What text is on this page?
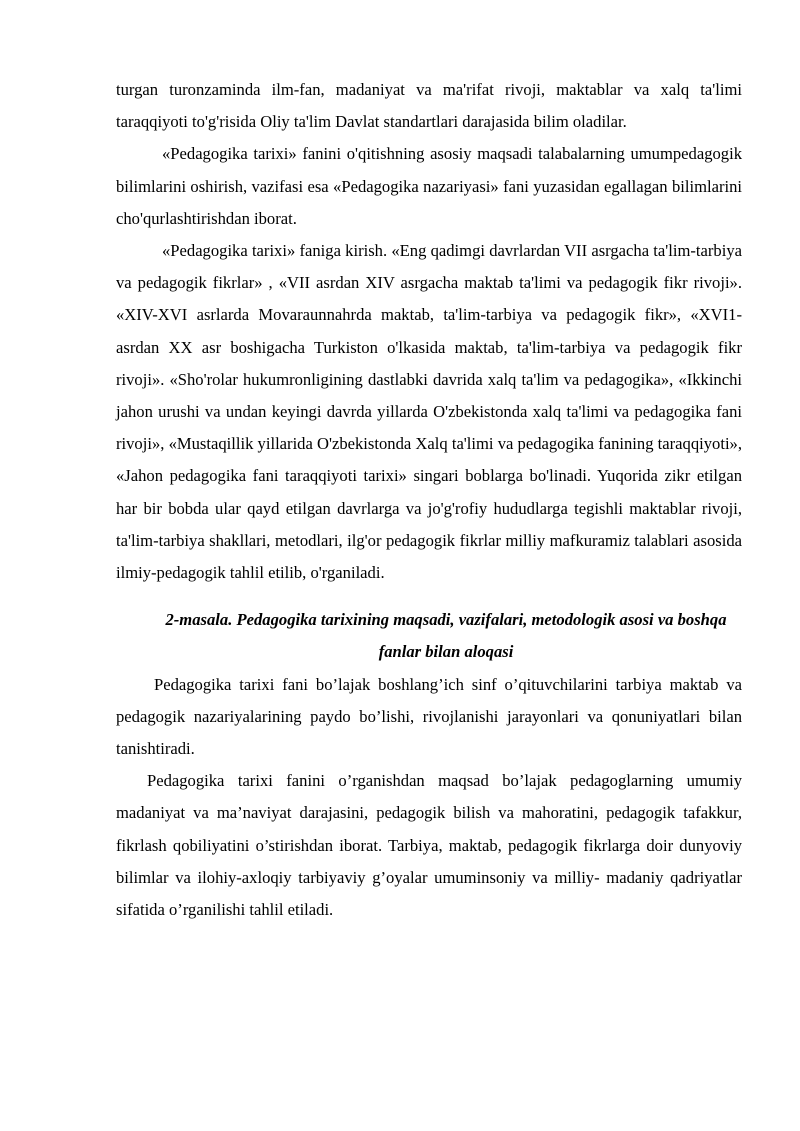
turgan turonzaminda ilm-fan, madaniyat va ma'rifat rivoji, maktablar va xalq ta'limi taraqqiyoti to'g'risida Oliy ta'lim Davlat standartlari darajasida bilim oladilar.

«Pedagogika tarixi» fanini o'qitishning asosiy maqsadi talabalarning umumpedagogik bilimlarini oshirish, vazifasi esa «Pedagogika nazariyasi» fani yuzasidan egallagan bilimlarini cho'qurlashtirishdan iborat.

«Pedagogika tarixi» faniga kirish. «Eng qadimgi davrlardan VII asrgacha ta'lim-tarbiya va pedagogik fikrlar» , «VII asrdan XIV asrgacha maktab ta'limi va pedagogik fikr rivoji». «XIV-XVI asrlarda Movaraunnahrda maktab, ta'lim-tarbiya va pedagogik fikr», «XVI1- asrdan XX asr boshigacha Turkiston o'lkasida maktab, ta'lim-tarbiya va pedagogik fikr rivoji». «Sho'rolar hukumronligining dastlabki davrida xalq ta'lim va pedagogika», «Ikkinchi jahon urushi va undan keyingi davrda yillarda O'zbekistonda xalq ta'limi va pedagogika fani rivoji», «Mustaqillik yillarida O'zbekistonda Xalq ta'limi va pedagogika fanining taraqqiyoti», «Jahon pedagogika fani taraqqiyoti tarixi» singari boblarga bo'linadi. Yuqorida zikr etilgan har bir bobda ular qayd etilgan davrlarga va jo'g'rofiy hududlarga tegishli maktablar rivoji, ta'lim-tarbiya shakllari, metodlari, ilg'or pedagogik fikrlar milliy mafkuramiz talablari asosida ilmiy-pedagogik tahlil etilib, o'rganiladi.

2-masala. Pedagogika tarixining maqsadi, vazifalari, metodologik asosi va boshqa fanlar bilan aloqasi

Pedagogika tarixi fani bo’lajak boshlang’ich sinf o’qituvchilarini tarbiya maktab va pedagogik nazariyalarining paydo bo’lishi, rivojlanishi jarayonlari va qonuniyatlari bilan tanishtiradi.

Pedagogika tarixi fanini o’rganishdan maqsad bo’lajak pedagoglarning umumiy madaniyat va ma’naviyat darajasini, pedagogik bilish va mahoratini, pedagogik tafakkur, fikrlash qobiliyatini o’stirishdan iborat. Tarbiya, maktab, pedagogik fikrlarga doir dunyoviy bilimlar va ilohiy-axloqiy tarbiyaviy g’oyalar umuminsoniy va milliy- madaniy qadriyatlar sifatida o’rganilishi tahlil etiladi.
